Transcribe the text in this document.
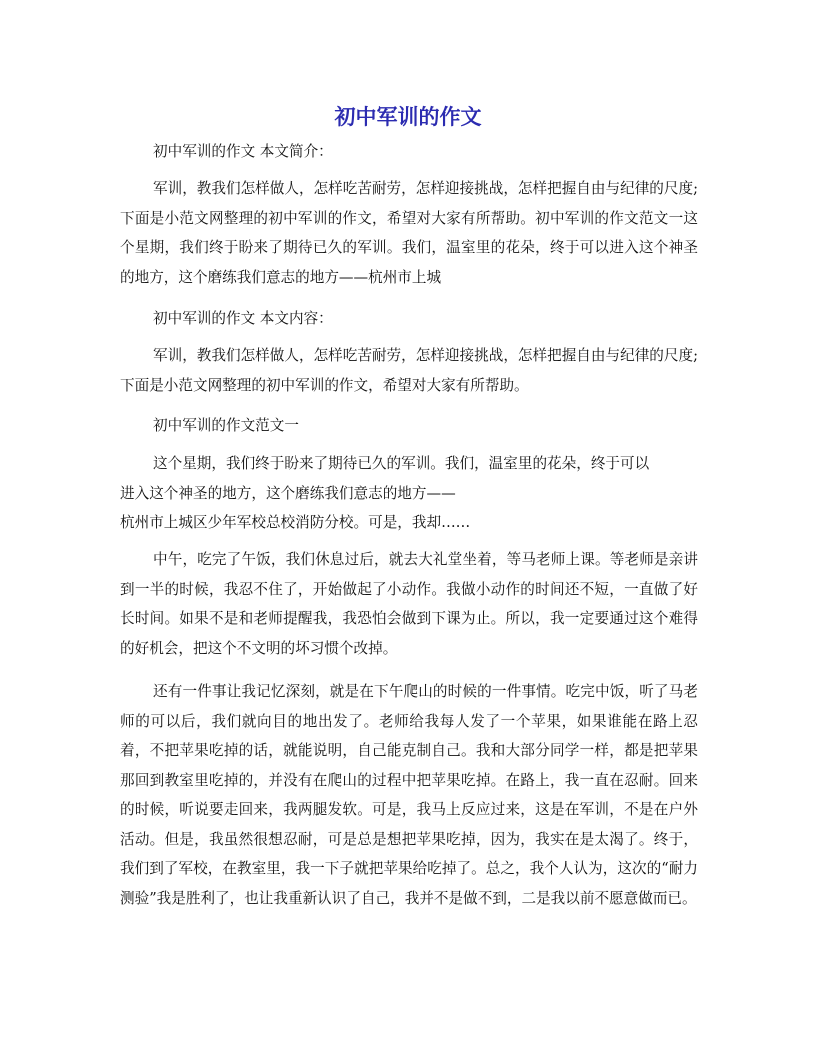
初中军训的作文

初中军训的作文 本文简介：

军训，教我们怎样做人，怎样吃苦耐劳，怎样迎接挑战，怎样把握自由与纪律的尺度;下面是小范文网整理的初中军训的作文，希望对大家有所帮助。初中军训的作文范文一这个星期，我们终于盼来了期待已久的军训。我们，温室里的花朵，终于可以进入这个神圣的地方，这个磨练我们意志的地方——杭州市上城

初中军训的作文 本文内容：

军训，教我们怎样做人，怎样吃苦耐劳，怎样迎接挑战，怎样把握自由与纪律的尺度;下面是小范文网整理的初中军训的作文，希望对大家有所帮助。

初中军训的作文范文一

这个星期，我们终于盼来了期待已久的军训。我们，温室里的花朵，终于可以
进入这个神圣的地方，这个磨练我们意志的地方——
杭州市上城区少年军校总校消防分校。可是，我却……

中午，吃完了午饭，我们休息过后，就去大礼堂坐着，等马老师上课。等老师是亲讲到一半的时候，我忍不住了，开始做起了小动作。我做小动作的时间还不短，一直做了好长时间。如果不是和老师提醒我，我恐怕会做到下课为止。所以，我一定要通过这个难得的好机会，把这个不文明的坏习惯个改掉。

还有一件事让我记忆深刻，就是在下午爬山的时候的一件事情。吃完中饭，听了马老师的可以后，我们就向目的地出发了。老师给我每人发了一个苹果，如果谁能在路上忍着，不把苹果吃掉的话，就能说明，自己能克制自己。我和大部分同学一样，都是把苹果那回到教室里吃掉的，并没有在爬山的过程中把苹果吃掉。在路上，我一直在忍耐。回来的时候，听说要走回来，我两腿发软。可是，我马上反应过来，这是在军训，不是在户外活动。但是，我虽然很想忍耐，可是总是想把苹果吃掉，因为，我实在是太渴了。终于，我们到了军校，在教室里，我一下子就把苹果给吃掉了。总之，我个人认为，这次的“耐力测验”我是胜利了，也让我重新认识了自己，我并不是做不到，二是我以前不愿意做而已。
